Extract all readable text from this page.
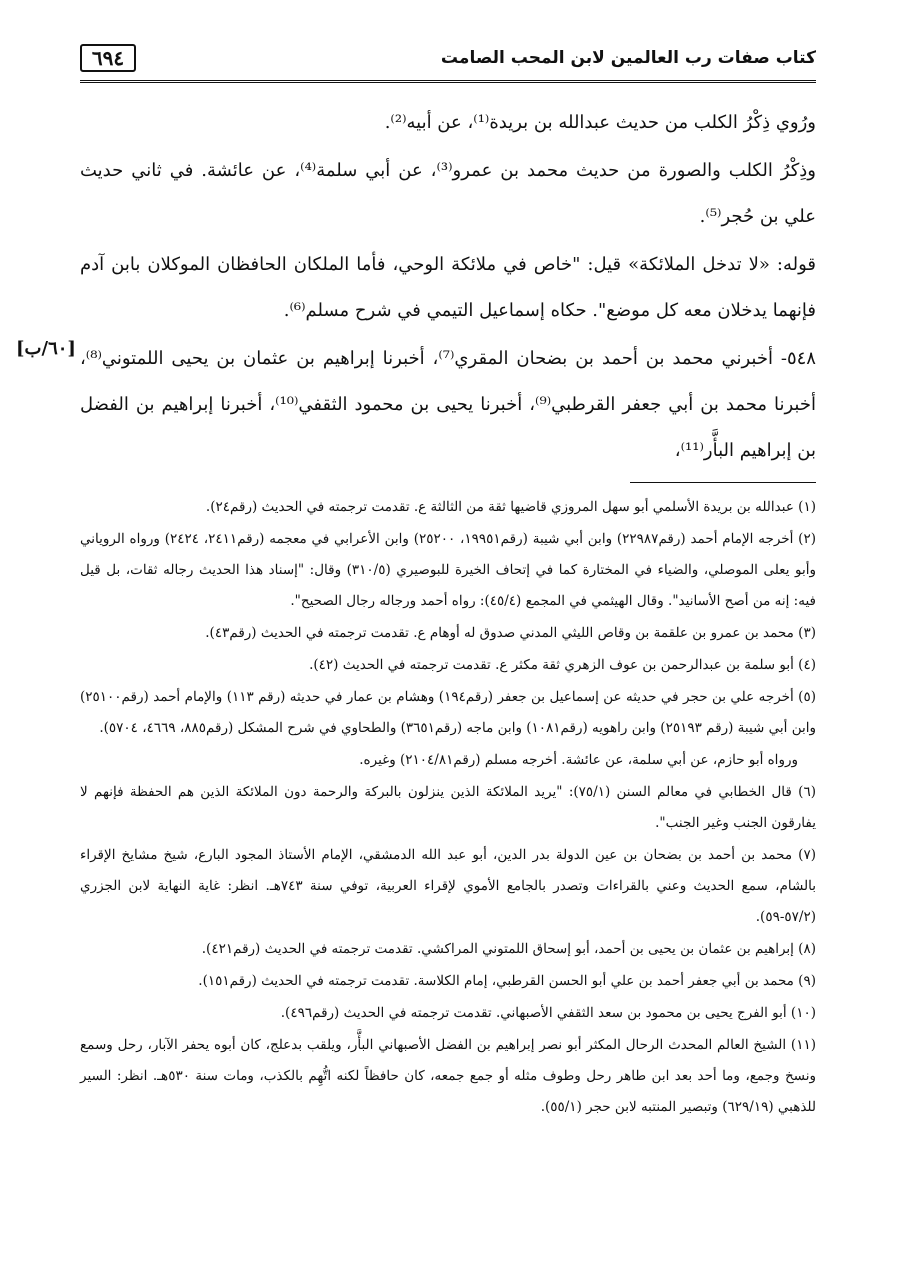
كتاب صفات رب العالمين لابن المحب الصامت
٦٩٤
[٦٠/ب]

ورُوي ذِكْرُ الكلب من حديث عبدالله بن بريدة⁽¹⁾، عن أبيه⁽²⁾.

وذِكْرُ الكلب والصورة من حديث محمد بن عمرو⁽³⁾، عن أبي سلمة⁽⁴⁾، عن عائشة. في ثاني حديث علي بن حُجر⁽⁵⁾.

قوله: «لا تدخل الملائكة» قيل: "خاص في ملائكة الوحي، فأما الملكان الحافظان الموكلان بابن آدم فإنهما يدخلان معه كل موضع". حكاه إسماعيل التيمي في شرح مسلم⁽⁶⁾.

٥٤٨- أخبرني محمد بن أحمد بن بضحان المقري⁽⁷⁾، أخبرنا إبراهيم بن عثمان بن يحيى اللمتوني⁽⁸⁾، أخبرنا محمد بن أبي جعفر القرطبي⁽⁹⁾، أخبرنا يحيى بن محمود الثقفي⁽¹⁰⁾، أخبرنا إبراهيم بن الفضل بن إبراهيم البأَّر⁽¹¹⁾،

(١) عبدالله بن بريدة الأسلمي أبو سهل المروزي قاضيها ثقة من الثالثة ع. تقدمت ترجمته في الحديث (رقم٢٤).
(٢) أخرجه الإمام أحمد (رقم٢٢٩٨٧) وابن أبي شيبة (رقم١٩٩٥١، ٢٥٢٠٠) وابن الأعرابي في معجمه (رقم٢٤١١، ٢٤٢٤) ورواه الروياني وأبو يعلى الموصلي، والضياء في المختارة كما في إتحاف الخيرة للبوصيري (٣١٠/٥) وقال: "إسناد هذا الحديث رجاله ثقات، بل قيل فيه: إنه من أصح الأسانيد". وقال الهيثمي في المجمع (٤٥/٤): رواه أحمد ورجاله رجال الصحيح".
(٣) محمد بن عمرو بن علقمة بن وقاص الليثي المدني صدوق له أوهام ع. تقدمت ترجمته في الحديث (رقم٤٣).
(٤) أبو سلمة بن عبدالرحمن بن عوف الزهري ثقة مكثر ع. تقدمت ترجمته في الحديث (٤٢).
(٥) أخرجه علي بن حجر في حديثه عن إسماعيل بن جعفر (رقم١٩٤) وهشام بن عمار في حديثه (رقم ١١٣) والإمام أحمد (رقم٢٥١٠٠) وابن أبي شيبة (رقم ٢٥١٩٣) وابن راهويه (رقم١٠٨١) وابن ماجه (رقم٣٦٥١) والطحاوي في شرح المشكل (رقم٨٨٥، ٤٦٦٩، ٥٧٠٤).
ورواه أبو حازم، عن أبي سلمة، عن عائشة. أخرجه مسلم (رقم٢١٠٤/٨١) وغيره.
(٦) قال الخطابي في معالم السنن (٧٥/١): "يريد الملائكة الذين ينزلون بالبركة والرحمة دون الملائكة الذين هم الحفظة فإنهم لا يفارقون الجنب وغير الجنب".
(٧) محمد بن أحمد بن بضحان بن عين الدولة بدر الدين، أبو عبد الله الدمشقي، الإمام الأستاذ المجود البارع، شيخ مشايخ الإقراء بالشام، سمع الحديث وعني بالقراءات وتصدر بالجامع الأموي لإقراء العربية، توفي سنة ٧٤٣هـ. انظر: غاية النهاية لابن الجزري (٥٧/٢-٥٩).
(٨) إبراهيم بن عثمان بن يحيى بن أحمد، أبو إسحاق اللمتوني المراكشي. تقدمت ترجمته في الحديث (رقم٤٢١).
(٩) محمد بن أبي جعفر أحمد بن علي أبو الحسن القرطبي، إمام الكلاسة. تقدمت ترجمته في الحديث (رقم١٥١).
(١٠) أبو الفرج يحيى بن محمود بن سعد الثقفي الأصبهاني. تقدمت ترجمته في الحديث (رقم٤٩٦).
(١١) الشيخ العالم المحدث الرحال المكثر أبو نصر إبراهيم بن الفضل الأصبهاني البأَّر، ويلقب بدعلج، كان أبوه يحفر الآبار، رحل وسمع ونسخ وجمع، وما أحد بعد ابن طاهر رحل وطوف مثله أو جمع جمعه، كان حافظاً لكنه اتُّهِم بالكذب، ومات سنة ٥٣٠هـ. انظر: السير للذهبي (٦٢٩/١٩) وتبصير المنتبه لابن حجر (٥٥/١).
